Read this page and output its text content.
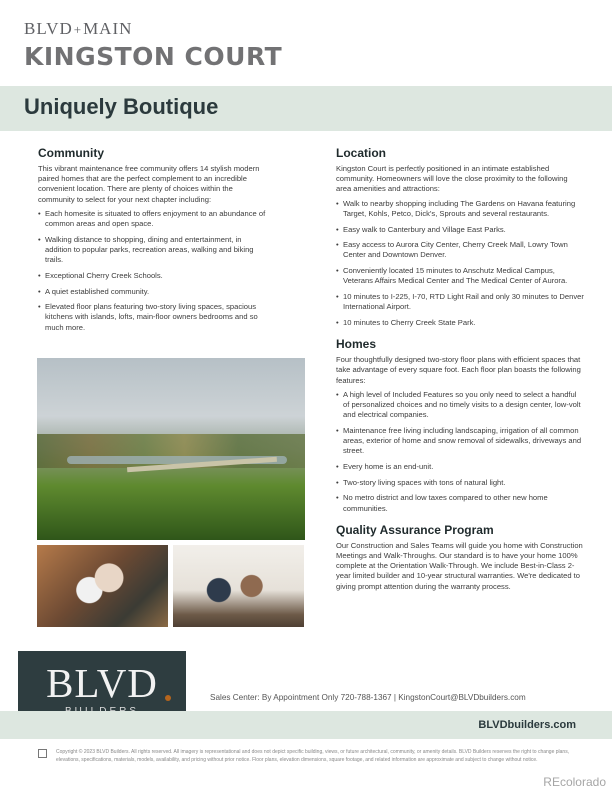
BLVD+MAIN
KINGSTON COURT
Uniquely Boutique
Community

This vibrant maintenance free community offers 14 stylish modern paired homes that are the perfect complement to an incredible convenient location. There are plenty of choices within the community to select for your next chapter including:

• Each homesite is situated to offers enjoyment to an abundance of common areas and open space.
• Walking distance to shopping, dining and entertainment, in addition to popular parks, recreation areas, walking and biking trails.
• Exceptional Cherry Creek Schools.
• A quiet established community.
• Elevated floor plans featuring two-story living spaces, spacious kitchens with islands, lofts, main-floor owners bedrooms and so much more.
Location

Kingston Court is perfectly positioned in an intimate established community. Homeowners will love the close proximity to the following area amenities and attractions:

• Walk to nearby shopping including The Gardens on Havana featuring Target, Kohls, Petco, Dick's, Sprouts and several restaurants.
• Easy walk to Canterbury and Village East Parks.
• Easy access to Aurora City Center, Cherry Creek Mall, Lowry Town Center and Downtown Denver.
• Conveniently located 15 minutes to Anschutz Medical Campus, Veterans Affairs Medical Center and The Medical Center of Aurora.
• 10 minutes to I-225, I-70, RTD Light Rail and only 30 minutes to Denver International Airport.
• 10 minutes to Cherry Creek State Park.
Homes

Four thoughtfully designed two-story floor plans with efficient spaces that take advantage of every square foot. Each floor plan boasts the following features:

• A high level of Included Features so you only need to select a handful of personalized choices and no timely visits to a design center, low-volt and electrical companies.
• Maintenance free living including landscaping, irrigation of all common areas, exterior of home and snow removal of sidewalks, driveways and street.
• Every home is an end-unit.
• Two-story living spaces with tons of natural light.
• No metro district and low taxes compared to other new home communities.
Quality Assurance Program

Our Construction and Sales Teams will guide you home with Construction Meetings and Walk-Throughs. Our standard is to have your home 100% complete at the Orientation Walk-Through. We include Best-in-Class 2-year limited builder and 10-year structural warranties. We're dedicated to giving prompt attention during the warranty process.

BLVD	Sales Center: By Appointment Only 720-788-1367 | KingstonCourt@BLVDbuilders.com
BLVDbuilders.com
Copyright © 2023 BLVD Builders. All rights reserved. All imagery is representational and does not depict specific building, views, or future architectural, community, or amenity details. BLVD Builders reserves the right to change plans, elevations, specifications, materials, models, availability, and pricing without prior notice. Floor plans, elevation dimensions, square footage, and related information are approximate and subject to change without notice.
REcolorado
